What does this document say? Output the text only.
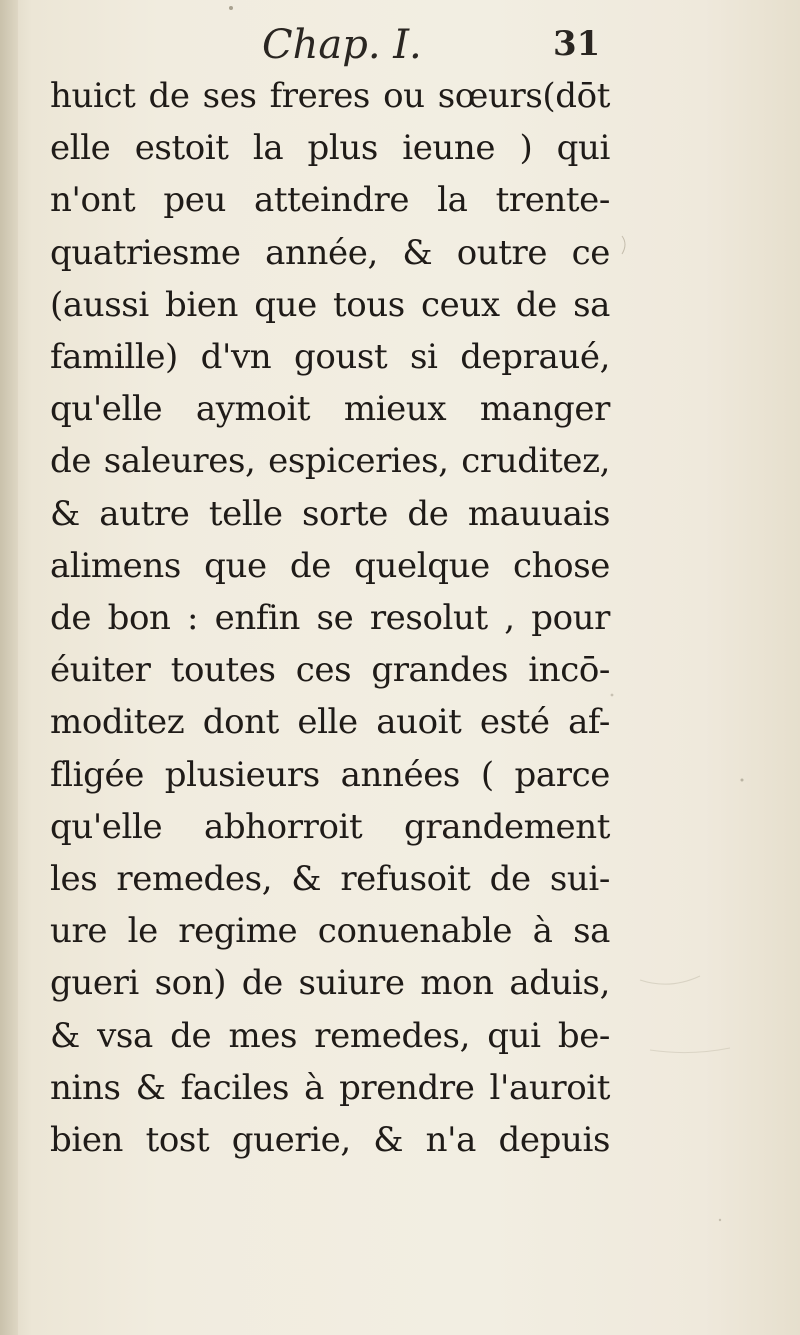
Chap. I.	31
huict de ses freres ou sœurs(dōt
elle estoit la plus ieune ) qui
n'ont peu atteindre la trente-
quatriesme année, & outre ce
(aussi bien que tous ceux de sa
famille) d'vn goust si depraué,
qu'elle aymoit mieux manger
de saleures, espiceries, cruditez,
& autre telle sorte de mauuais
alimens que de quelque chose
de bon : enfin se resolut , pour
éuiter toutes ces grandes incō-
moditez dont elle auoit esté af-
fligée plusieurs années ( parce
qu'elle abhorroit grandement
les remedes, & refusoit de sui-
ure le regime conuenable à sa
gueri son) de suiure mon aduis,
& vsa de mes remedes, qui be-
nins & faciles à prendre l'auroit
bien tost guerie, & n'a depuis
